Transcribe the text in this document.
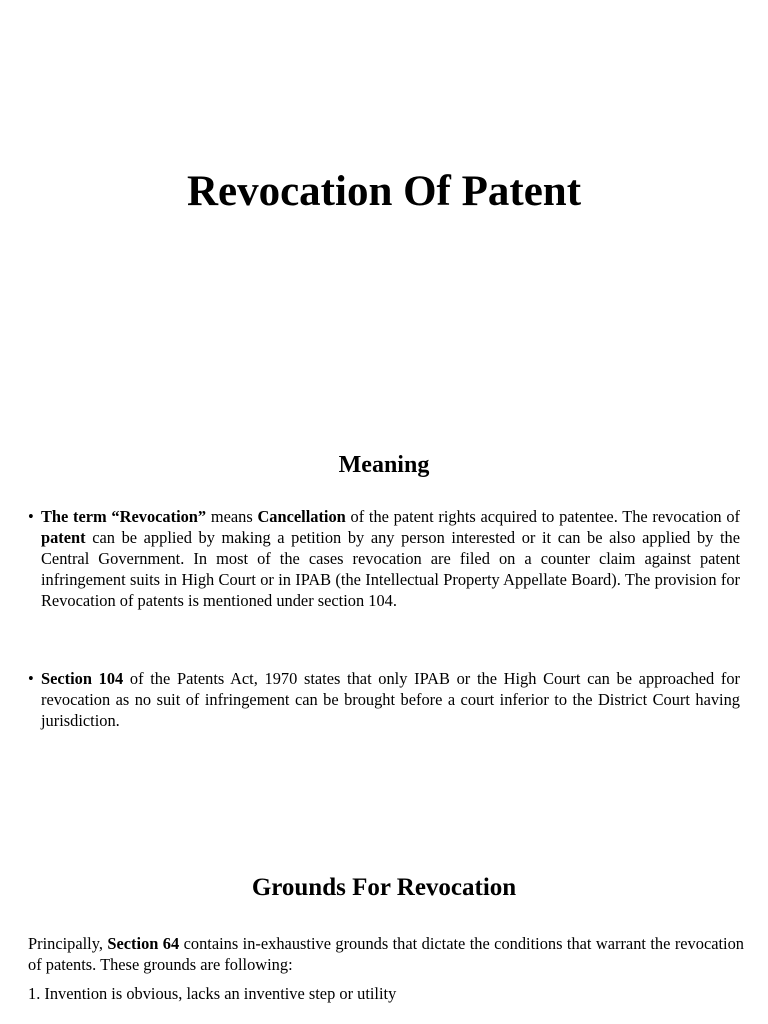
Revocation Of Patent
Meaning
• The term “Revocation” means Cancellation of the patent rights acquired to patentee. The revocation of patent can be applied by making a petition by any person interested or it can be also applied by the Central Government. In most of the cases revocation are filed on a counter claim against patent infringement suits in High Court or in IPAB (the Intellectual Property Appellate Board). The provision for Revocation of patents is mentioned under section 104.
• Section 104 of the Patents Act, 1970 states that only IPAB or the High Court can be approached for revocation as no suit of infringement can be brought before a court inferior to the District Court having jurisdiction.
Grounds For Revocation

Principally, Section 64 contains in-exhaustive grounds that dictate the conditions that warrant the revocation of patents. These grounds are following:

1. Invention is obvious, lacks an inventive step or utility
